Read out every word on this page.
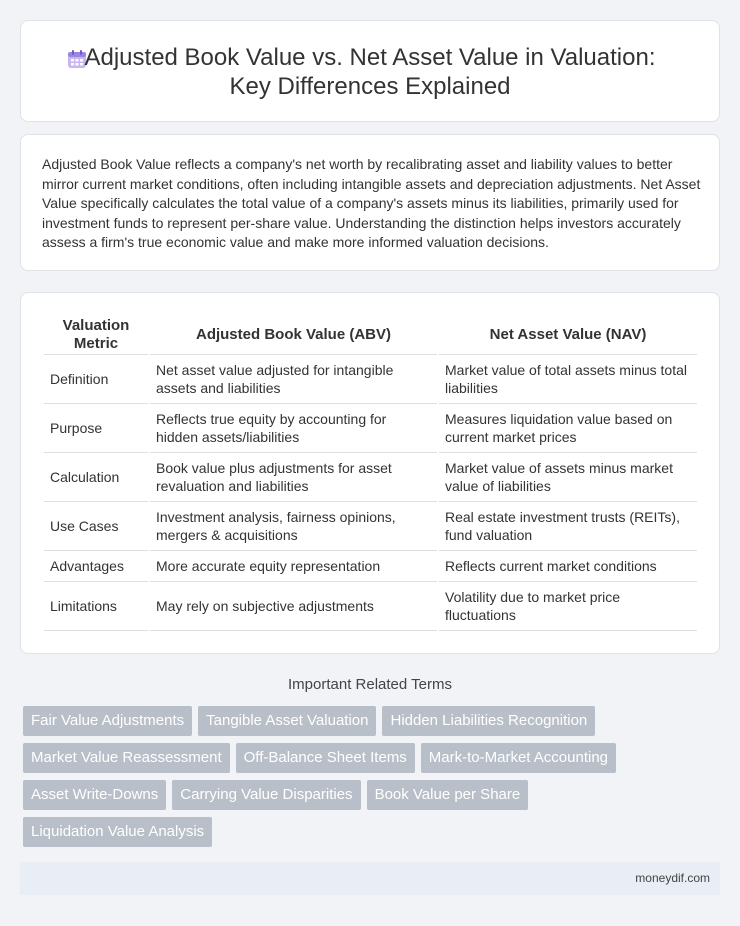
Adjusted Book Value vs. Net Asset Value in Valuation:
Key Differences Explained

Adjusted Book Value reflects a company's net worth by recalibrating asset and liability values to better mirror current market conditions, often including intangible assets and depreciation adjustments. Net Asset Value specifically calculates the total value of a company's assets minus its liabilities, primarily used for investment funds to represent per-share value. Understanding the distinction helps investors accurately assess a firm's true economic value and make more informed valuation decisions.

Valuation Metric	Adjusted Book Value (ABV)	Net Asset Value (NAV)
Definition	Net asset value adjusted for intangible assets and liabilities	Market value of total assets minus total liabilities
Purpose	Reflects true equity by accounting for hidden assets/liabilities	Measures liquidation value based on current market prices
Calculation	Book value plus adjustments for asset revaluation and liabilities	Market value of assets minus market value of liabilities
Use Cases	Investment analysis, fairness opinions, mergers & acquisitions	Real estate investment trusts (REITs), fund valuation
Advantages	More accurate equity representation	Reflects current market conditions
Limitations	May rely on subjective adjustments	Volatility due to market price fluctuations
Important Related Terms
Fair Value Adjustments	Tangible Asset Valuation	Hidden Liabilities Recognition
Market Value Reassessment	Off-Balance Sheet Items	Mark-to-Market Accounting
Asset Write-Downs	Carrying Value Disparities	Book Value per Share
Liquidation Value Analysis
moneydif.com
